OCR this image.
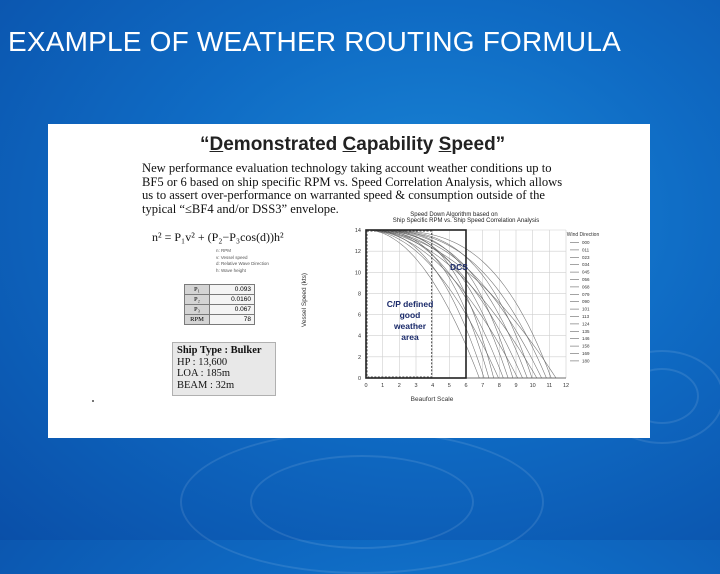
EXAMPLE OF WEATHER ROUTING FORMULA
“Demonstrated Capability Speed”
New performance evaluation technology taking account weather conditions up to BF5 or 6 based on ship specific RPM vs. Speed Correlation Analysis, which allows us to assert over-performance on warranted speed & consumption outside of the typical “≤BF4 and/or DSS3” envelope.
n² = P₁v² + (P₂−P₃cos(d))h²
n: RPM
v: Vessel speed
d: Relative Wave Direction
h: Wave height
P₁	0.093
P₂	0.0160
P₃	0.067
RPM	78
Ship Type : Bulker
HP : 13,600
LOA : 185m
BEAM : 32m
Speed Down Algorithm based on
Ship Specific RPM vs. Ship Speed Correlation Analysis
Vessel Speed (kts)
Beaufort Scale
Wind Direction
0 1 2 3 4 5 6 7 8 9 10 11 12
0
2
4
6
8
10
12
14
000
011
023
034
045
056
068
079
090
101
113
124
135
146
158
169
180
DCS
C/P defined
good
weather
area
